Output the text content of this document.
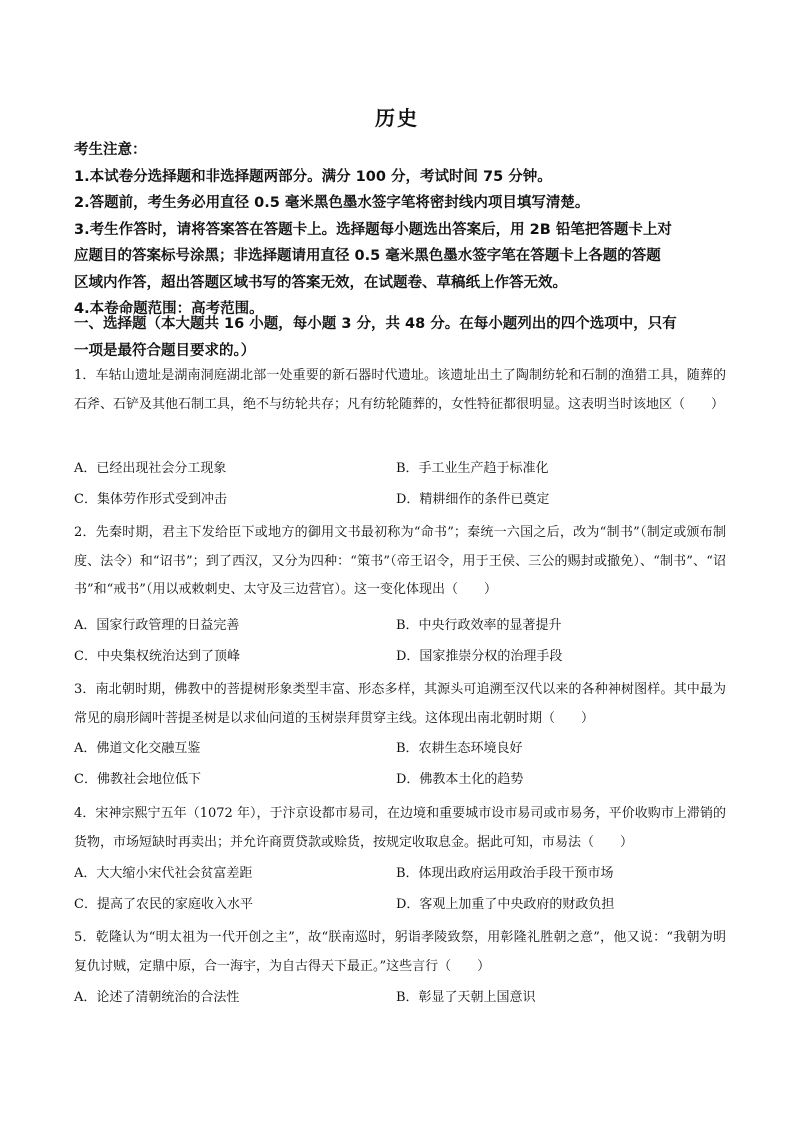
历史
考生注意：
1.本试卷分选择题和非选择题两部分。满分 100 分，考试时间 75 分钟。
2.答题前，考生务必用直径 0.5 毫米黑色墨水签字笔将密封线内项目填写清楚。
3.考生作答时，请将答案答在答题卡上。选择题每小题选出答案后，用 2B 铅笔把答题卡上对
应题目的答案标号涂黑；非选择题请用直径 0.5 毫米黑色墨水签字笔在答题卡上各题的答题
区域内作答，超出答题区域书写的答案无效，在试题卷、草稿纸上作答无效。
4.本卷命题范围：高考范围。
一、选择题（本大题共 16 小题，每小题 3 分，共 48 分。在每小题列出的四个选项中，只有
一项是最符合题目要求的。）
1．车轱山遗址是湖南洞庭湖北部一处重要的新石器时代遗址。该遗址出土了陶制纺轮和石制的渔猎工具，随葬的石斧、石铲及其他石制工具，绝不与纺轮共存；凡有纺轮随葬的，女性特征都很明显。这表明当时该地区（　　）
A．已经出现社会分工现象	B．手工业生产趋于标准化
C．集体劳作形式受到冲击	D．精耕细作的条件已奠定
2．先秦时期，君主下发给臣下或地方的御用文书最初称为“命书”；秦统一六国之后，改为“制书”（制定或颁布制度、法令）和“诏书”；到了西汉，又分为四种：“策书”（帝王诏令，用于王侯、三公的赐封或撤免）、“制书”、“诏书”和“戒书”（用以戒敕刺史、太守及三边营官）。这一变化体现出（　　）
A．国家行政管理的日益完善	B．中央行政效率的显著提升
C．中央集权统治达到了顶峰	D．国家推崇分权的治理手段
3．南北朝时期，佛教中的菩提树形象类型丰富、形态多样，其源头可追溯至汉代以来的各种神树图样。其中最为常见的扇形阔叶菩提圣树是以求仙问道的玉树崇拜贯穿主线。这体现出南北朝时期（　　）
A．佛道文化交融互鉴	B．农耕生态环境良好
C．佛教社会地位低下	D．佛教本土化的趋势
4．宋神宗熙宁五年（1072 年），于汴京设都市易司，在边境和重要城市设市易司或市易务，平价收购市上滞销的货物，市场短缺时再卖出；并允许商贾贷款或赊货，按规定收取息金。据此可知，市易法（　　）
A．大大缩小宋代社会贫富差距	B．体现出政府运用政治手段干预市场
C．提高了农民的家庭收入水平	D．客观上加重了中央政府的财政负担
5．乾隆认为“明太祖为一代开创之主”，故“朕南巡时，躬诣孝陵致祭，用彰隆礼胜朝之意”，他又说：“我朝为明复仇讨贼，定鼎中原，合一海宇，为自古得天下最正。”这些言行（　　）
A．论述了清朝统治的合法性	B．彰显了天朝上国意识
